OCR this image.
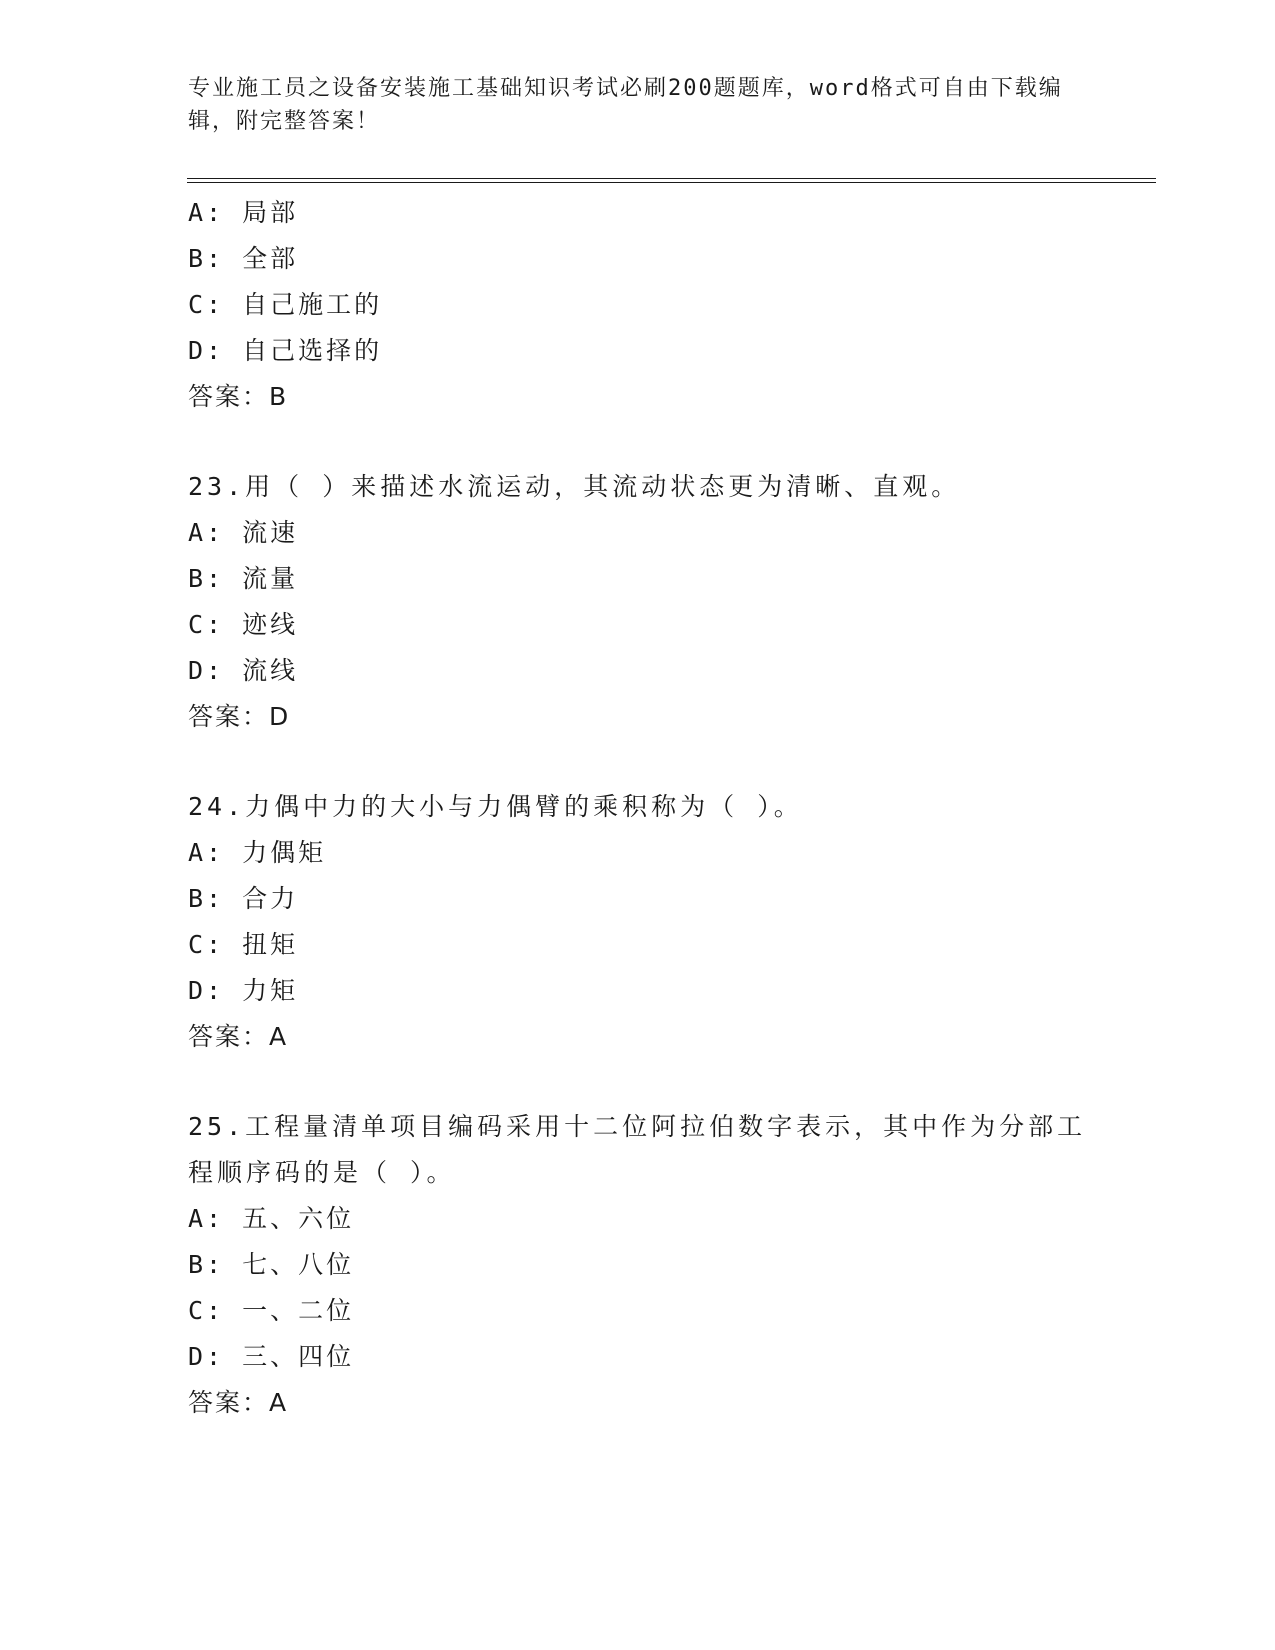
专业施工员之设备安装施工基础知识考试必刷200题题库，word格式可自由下载编辑，附完整答案！
A: 局部
B: 全部
C: 自己施工的
D: 自己选择的
答案：B
23.用（ ）来描述水流运动，其流动状态更为清晰、直观。
A: 流速
B: 流量
C: 迹线
D: 流线
答案：D
24.力偶中力的大小与力偶臂的乘积称为（ ）。
A: 力偶矩
B: 合力
C: 扭矩
D: 力矩
答案：A
25.工程量清单项目编码采用十二位阿拉伯数字表示，其中作为分部工程顺序码的是（ ）。
A: 五、六位
B: 七、八位
C: 一、二位
D: 三、四位
答案：A
